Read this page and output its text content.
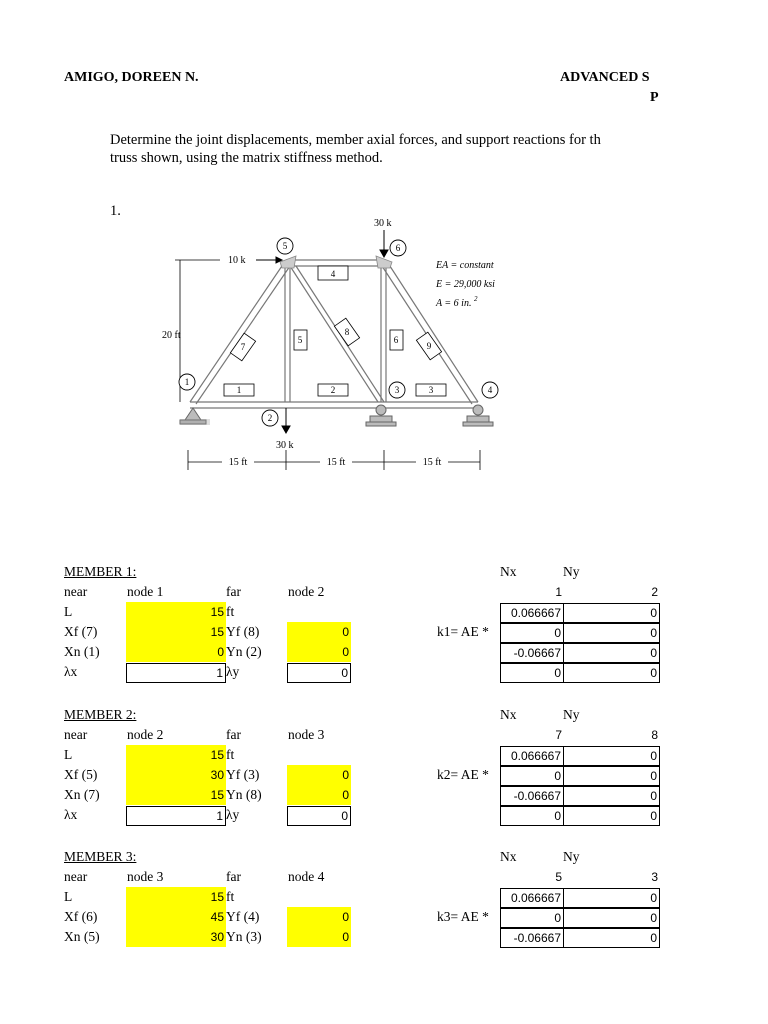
AMIGO, DOREEN N.	ADVANCED S
P
Determine the joint displacements, member axial forces, and support reactions for th
truss shown, using the matrix stiffness method.
1.
20 ft
30 k
10 k
30 k
1
2
3	4
5	6
1	2	3
4
5	6
7
8
9
EA = constant
E = 29,000 ksi
A = 6 in. 2
15 ft	15 ft	15 ft
MEMBER 1:	Nx	Ny
near	node 1	far	node 2	1	2
L	15 ft
Xf (7)	15 Yf (8)	0	k1= AE *
Xn (1)	0 Yn (2)	0
λx	1 λy	0
0.066667	0
0	0
-0.06667	0
0	0
MEMBER 2:	Nx	Ny
near	node 2	far	node 3	7	8
L	15 ft
Xf (5)	30 Yf (3)	0	k2= AE *
Xn (7)	15 Yn (8)	0
λx	1 λy	0
0.066667	0
0	0
-0.06667	0
0	0
MEMBER 3:	Nx	Ny
near	node 3	far	node 4	5	3
L	15 ft
Xf (6)	45 Yf (4)	0	k3= AE *
Xn (5)	30 Yn (3)	0
0.066667	0
0	0
-0.06667	0
